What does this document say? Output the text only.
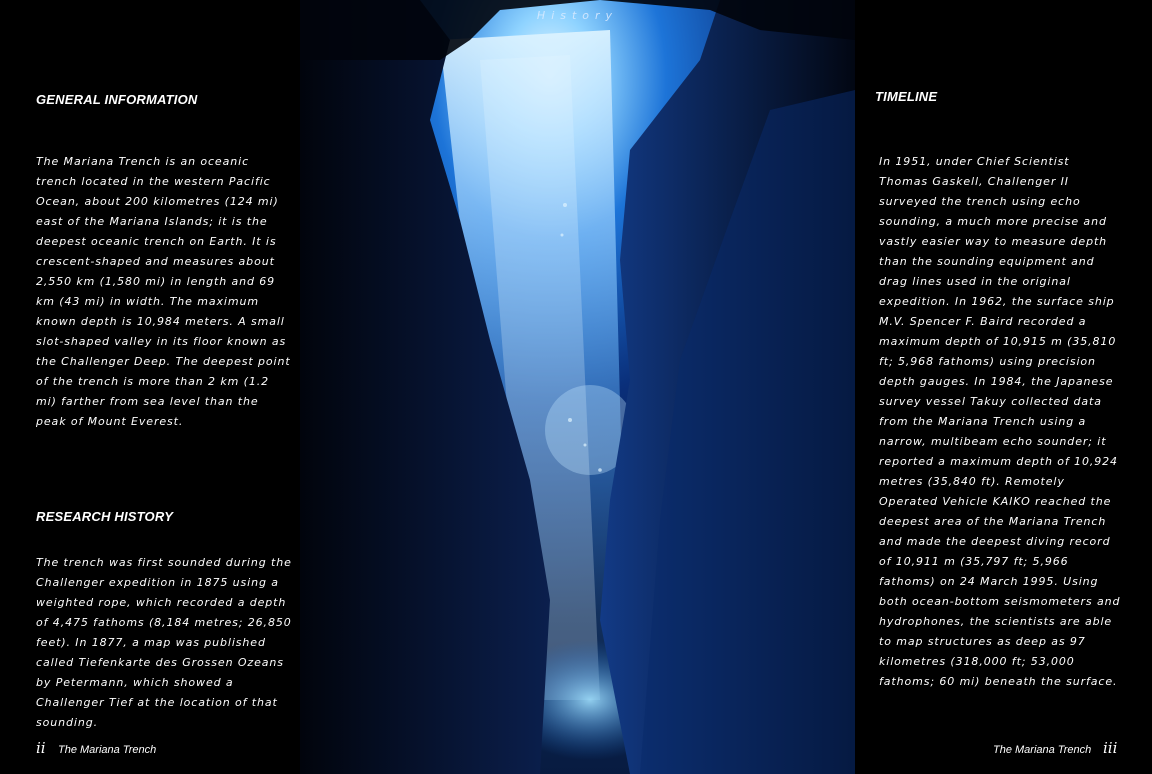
History
GENERAL INFORMATION

The Mariana Trench is an oceanic trench located in the western Pacific Ocean, about 200 kilometres (124 mi) east of the Mariana Islands; it is the deepest oceanic trench on Earth. It is crescent-shaped and measures about 2,550 km (1,580 mi) in length and 69 km (43 mi) in width. The maximum known depth is 10,984 meters. A small slot-shaped valley in its floor known as the Challenger Deep. The deepest point of the trench is more than 2 km (1.2 mi) farther from sea level than the peak of Mount Everest.

RESEARCH HISTORY

The trench was first sounded during the Challenger expedition in 1875 using a weighted rope, which recorded a depth of 4,475 fathoms (8,184 metres; 26,850 feet). In 1877, a map was published called Tiefenkarte des Grossen Ozeans by Petermann, which showed a Challenger Tief at the location of that sounding.

ii The Mariana Trench
TIMELINE

In 1951, under Chief Scientist Thomas Gaskell, Challenger II surveyed the trench using echo sounding, a much more precise and vastly easier way to measure depth than the sounding equipment and drag lines used in the original expedition. In 1962, the surface ship M.V. Spencer F. Baird recorded a maximum depth of 10,915 m (35,810 ft; 5,968 fathoms) using precision depth gauges. In 1984, the Japanese survey vessel Takuy collected data from the Mariana Trench using a narrow, multibeam echo sounder; it reported a maximum depth of 10,924 metres (35,840 ft). Remotely Operated Vehicle KAIKO reached the deepest area of the Mariana Trench and made the deepest diving record of 10,911 m (35,797 ft; 5,966 fathoms) on 24 March 1995. Using both ocean-bottom seismometers and hydrophones, the scientists are able to map structures as deep as 97 kilometres (318,000 ft; 53,000 fathoms; 60 mi) beneath the surface.

The Mariana Trench iii
